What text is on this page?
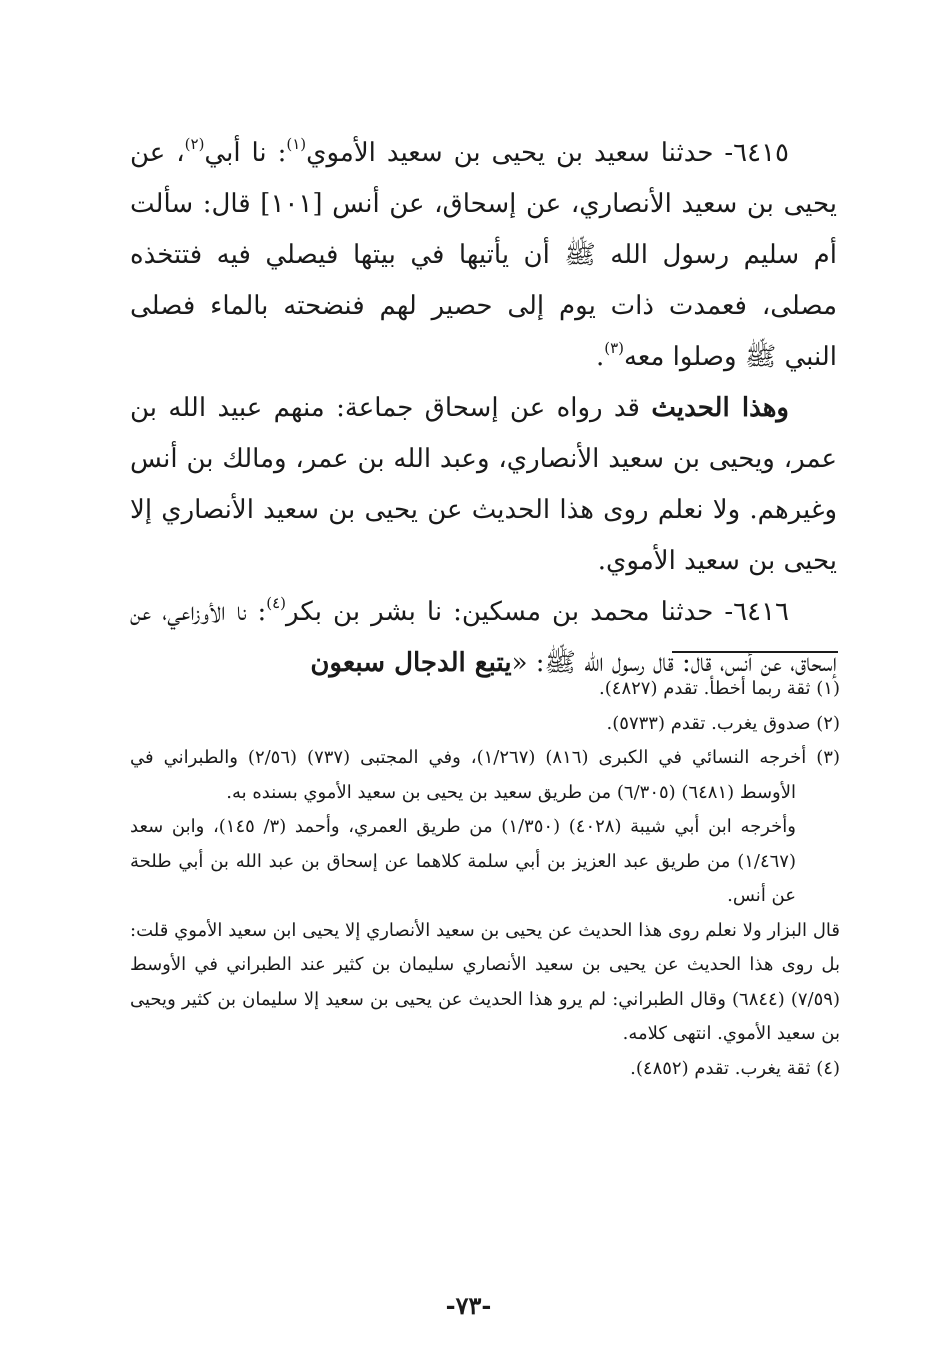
٦٤١٥- حدثنا سعيد بن يحيى بن سعيد الأموي$^{(١)}$: نا أبي$^{(٢)}$، عن يحيى بن سعيد الأنصاري، عن إسحاق، عن أنس [١٠١] قال: سألت أم سليم رسول الله ﷺ أن يأتيها في بيتها فيصلي فيه فتتخذه مصلى، فعمدت ذات يوم إلى حصير لهم فنضحته بالماء فصلى النبي ﷺ وصلوا معه$^{(٣)}$.

وهذا الحديث قد رواه عن إسحاق جماعة: منهم عبيد الله بن عمر، ويحيى بن سعيد الأنصاري، وعبد الله بن عمر، ومالك بن أنس وغيرهم. ولا نعلم روى هذا الحديث عن يحيى بن سعيد الأنصاري إلا يحيى بن سعيد الأموي.

٦٤١٦- حدثنا محمد بن مسكين: نا بشر بن بكر$^{(٤)}$: نا الأوزاعي، عن إسحاق، عن أنس، قال: قال رسول الله ﷺ: «يتبع الدجال سبعون

(١) ثقة ربما أخطأ. تقدم (٤٨٢٧).

(٢) صدوق يغرب. تقدم (٥٧٣٣).

(٣) أخرجه النسائي في الكبرى (٨١٦) (١/٢٦٧)، وفي المجتبى (٧٣٧) (٢/٥٦) والطبراني في الأوسط (٦٤٨١) (٦/٣٠٥) من طريق سعيد بن يحيى بن سعيد الأموي بسنده به.

وأخرجه ابن أبي شيبة (٤٠٢٨) (١/٣٥٠) من طريق العمري، وأحمد (٣/ ١٤٥)، وابن سعد (١/٤٦٧) من طريق عبد العزيز بن أبي سلمة كلاهما عن إسحاق بن عبد الله بن أبي طلحة عن أنس.

قال البزار ولا نعلم روى هذا الحديث عن يحيى بن سعيد الأنصاري إلا يحيى ابن سعيد الأموي قلت: بل روى هذا الحديث عن يحيى بن سعيد الأنصاري سليمان بن كثير عند الطبراني في الأوسط (٧/٥٩) (٦٨٤٤) وقال الطبراني: لم يرو هذا الحديث عن يحيى بن سعيد إلا سليمان بن كثير ويحيى بن سعيد الأموي. انتهى كلامه.

(٤) ثقة يغرب. تقدم (٤٨٥٢).

-٧٣-
